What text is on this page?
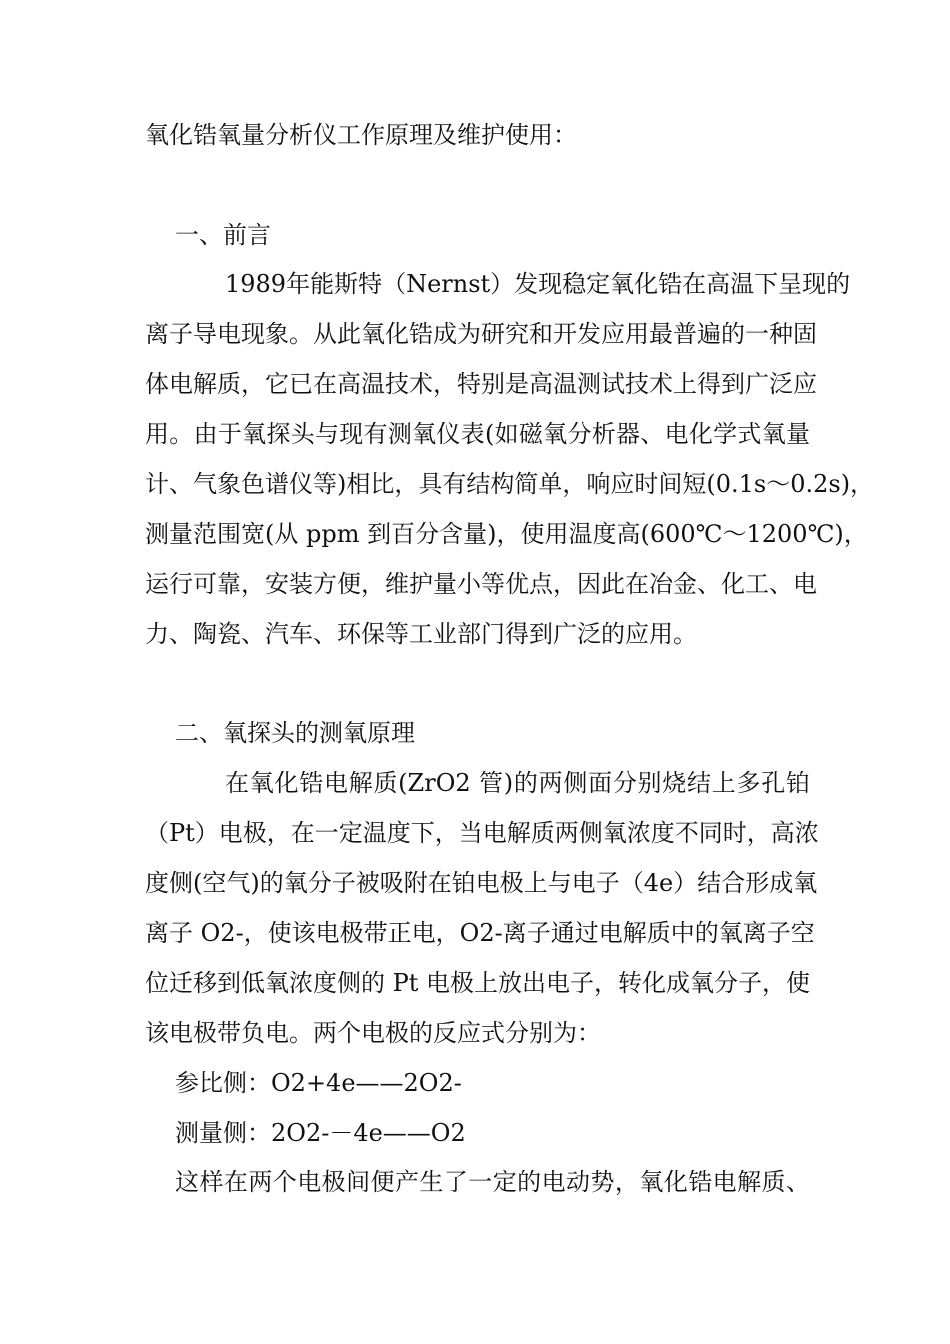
氧化锆氧量分析仪工作原理及维护使用：
一、前言
1989年能斯特（Nernst）发现稳定氧化锆在高温下呈现的
离子导电现象。从此氧化锆成为研究和开发应用最普遍的一种固
体电解质，它已在高温技术，特别是高温测试技术上得到广泛应
用。由于氧探头与现有测氧仪表(如磁氧分析器、电化学式氧量
计、气象色谱仪等)相比，具有结构简单，响应时间短(0.1s～0.2s)，
测量范围宽(从 ppm 到百分含量)，使用温度高(600℃～1200℃)，
运行可靠，安装方便，维护量小等优点，因此在冶金、化工、电
力、陶瓷、汽车、环保等工业部门得到广泛的应用。
二、氧探头的测氧原理
在氧化锆电解质(ZrO2 管)的两侧面分别烧结上多孔铂
（Pt）电极，在一定温度下，当电解质两侧氧浓度不同时，高浓
度侧(空气)的氧分子被吸附在铂电极上与电子（4e）结合形成氧
离子 O2-，使该电极带正电，O2-离子通过电解质中的氧离子空
位迁移到低氧浓度侧的 Pt 电极上放出电子，转化成氧分子，使
该电极带负电。两个电极的反应式分别为：
参比侧：O2+4e——2O2-
测量侧：2O2-－4e——O2
这样在两个电极间便产生了一定的电动势，氧化锆电解质、
